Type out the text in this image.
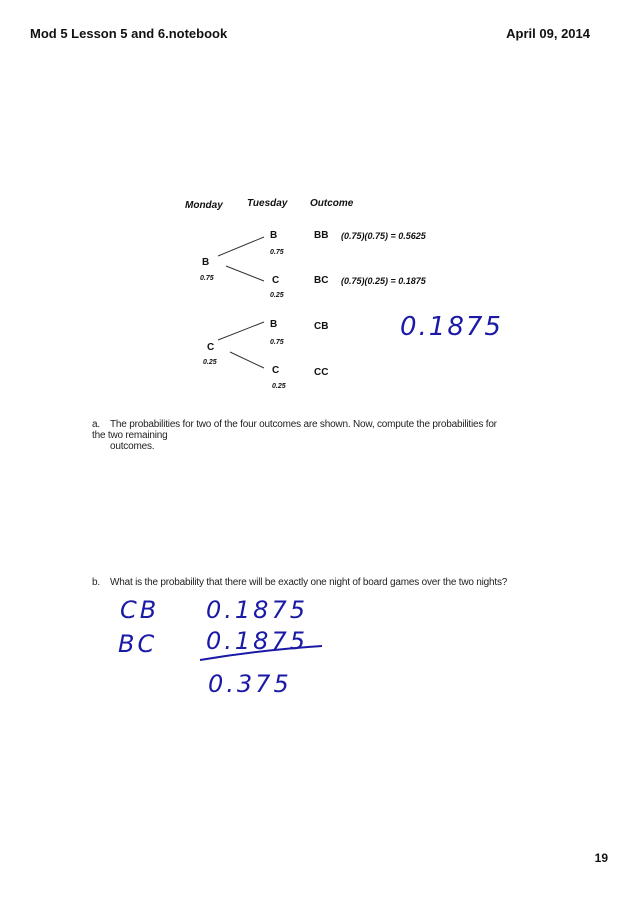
Mod 5 Lesson 5 and 6.notebook	April 09, 2014
Monday Tuesday Outcome
B
0.75
C
0.25
B
0.75
C
0.25
B
0.75
C
0.25
BB (0.75)(0.75) = 0.5625
BC (0.75)(0.25) = 0.1875
CB
CC
0.1875
a. The probabilities for two of the four outcomes are shown. Now, compute the probabilities for the two remaining
outcomes.
b. What is the probability that there will be exactly one night of board games over the two nights?
CB 0.1875
BC 0.1875
0.375
19
